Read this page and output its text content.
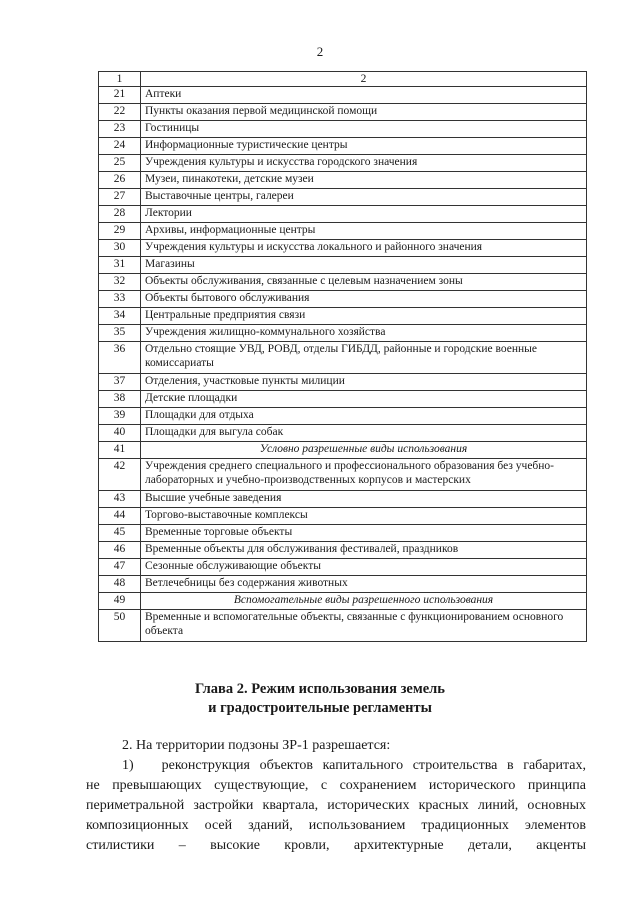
2
1	2
21	Аптеки
22	Пункты оказания первой медицинской помощи
23	Гостиницы
24	Информационные туристические центры
25	Учреждения культуры и искусства городского значения
26	Музеи, пинакотеки, детские музеи
27	Выставочные центры, галереи
28	Лектории
29	Архивы, информационные центры
30	Учреждения культуры и искусства локального и районного значения
31	Магазины
32	Объекты обслуживания, связанные с целевым назначением зоны
33	Объекты бытового обслуживания
34	Центральные предприятия связи
35	Учреждения жилищно-коммунального хозяйства
36	Отдельно стоящие УВД, РОВД, отделы ГИБДД, районные и городские военные комиссариаты
37	Отделения, участковые пункты милиции
38	Детские площадки
39	Площадки для отдыха
40	Площадки для выгула собак
41	Условно разрешенные виды использования
42	Учреждения среднего специального и профессионального образования без учебно-лабораторных и учебно-производственных корпусов и мастерских
43	Высшие учебные заведения
44	Торгово-выставочные комплексы
45	Временные торговые объекты
46	Временные объекты для обслуживания фестивалей, праздников
47	Сезонные обслуживающие объекты
48	Ветлечебницы без содержания животных
49	Вспомогательные виды разрешенного использования
50	Временные и вспомогательные объекты, связанные с функционированием основного объекта
Глава 2. Режим использования земель
и градостроительные регламенты
2. На территории подзоны ЗР-1 разрешается:
1) реконструкция объектов капитального строительства в габаритах,
не превышающих существующие, с сохранением исторического принципа
периметральной застройки квартала, исторических красных линий, основных
композиционных осей зданий, использованием традиционных элементов
стилистики – высокие кровли, архитектурные детали, акценты
